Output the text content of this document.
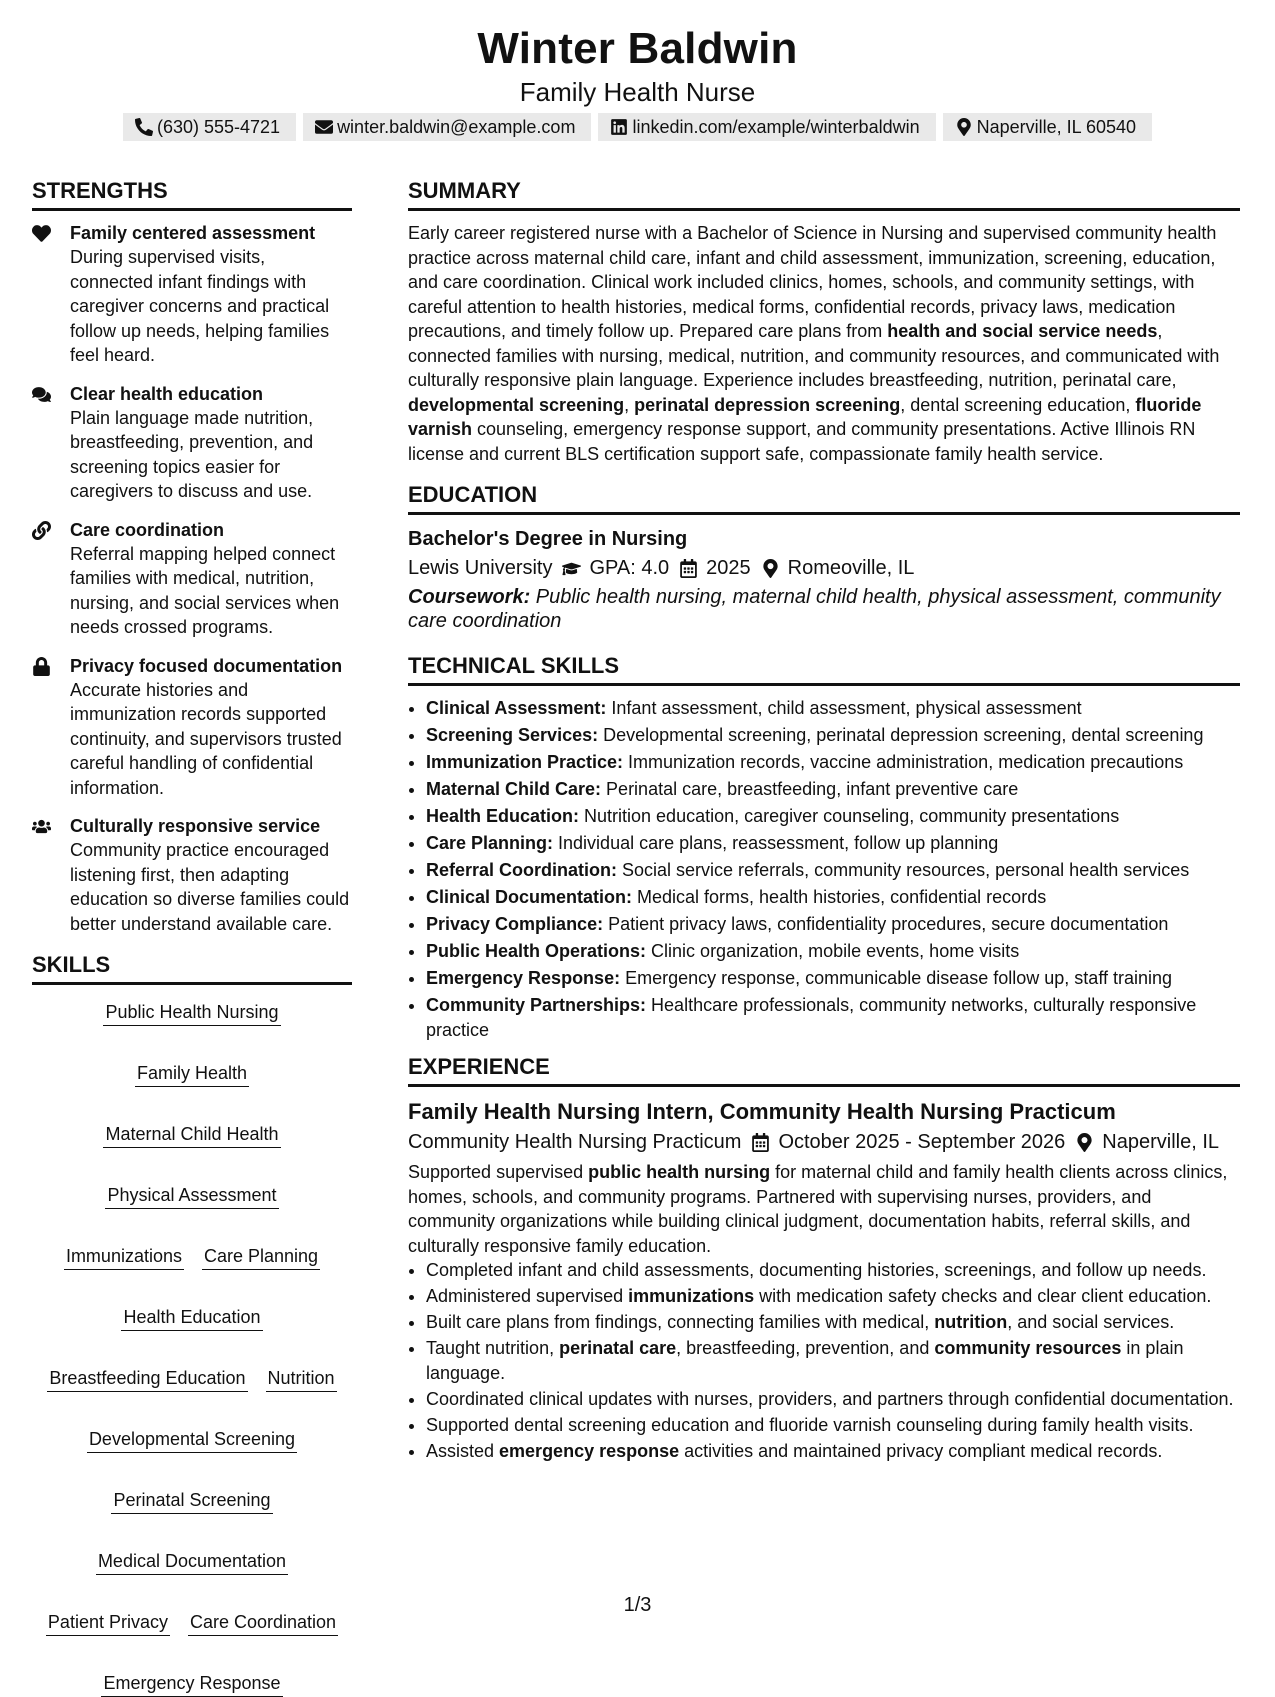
Winter Baldwin
Family Health Nurse
(630) 555-4721	winter.baldwin@example.com	linkedin.com/example/winterbaldwin	Naperville, IL 60540
STRENGTHS
Family centered assessment
During supervised visits, connected infant findings with caregiver concerns and practical follow up needs, helping families feel heard.
Clear health education
Plain language made nutrition, breastfeeding, prevention, and screening topics easier for caregivers to discuss and use.
Care coordination
Referral mapping helped connect families with medical, nutrition, nursing, and social services when needs crossed programs.
Privacy focused documentation
Accurate histories and immunization records supported continuity, and supervisors trusted careful handling of confidential information.
Culturally responsive service
Community practice encouraged listening first, then adapting education so diverse families could better understand available care.
SKILLS
Public Health Nursing
Family Health
Maternal Child Health
Physical Assessment
Immunizations Care Planning
Health Education
Breastfeeding Education Nutrition
Developmental Screening
Perinatal Screening
Medical Documentation
Patient Privacy Care Coordination
Emergency Response
SUMMARY
Early career registered nurse with a Bachelor of Science in Nursing and supervised community health practice across maternal child care, infant and child assessment, immunization, screening, education, and care coordination. Clinical work included clinics, homes, schools, and community settings, with careful attention to health histories, medical forms, confidential records, privacy laws, medication precautions, and timely follow up. Prepared care plans from health and social service needs, connected families with nursing, medical, nutrition, and community resources, and communicated with culturally responsive plain language. Experience includes breastfeeding, nutrition, perinatal care, developmental screening, perinatal depression screening, dental screening education, fluoride varnish counseling, emergency response support, and community presentations. Active Illinois RN license and current BLS certification support safe, compassionate family health service.
EDUCATION
Bachelor's Degree in Nursing
Lewis University GPA: 4.0 2025 Romeoville, IL
Coursework: Public health nursing, maternal child health, physical assessment, community care coordination
TECHNICAL SKILLS
• Clinical Assessment: Infant assessment, child assessment, physical assessment
• Screening Services: Developmental screening, perinatal depression screening, dental screening
• Immunization Practice: Immunization records, vaccine administration, medication precautions
• Maternal Child Care: Perinatal care, breastfeeding, infant preventive care
• Health Education: Nutrition education, caregiver counseling, community presentations
• Care Planning: Individual care plans, reassessment, follow up planning
• Referral Coordination: Social service referrals, community resources, personal health services
• Clinical Documentation: Medical forms, health histories, confidential records
• Privacy Compliance: Patient privacy laws, confidentiality procedures, secure documentation
• Public Health Operations: Clinic organization, mobile events, home visits
• Emergency Response: Emergency response, communicable disease follow up, staff training
• Community Partnerships: Healthcare professionals, community networks, culturally responsive practice
EXPERIENCE
Family Health Nursing Intern, Community Health Nursing Practicum
Community Health Nursing Practicum October 2025 - September 2026 Naperville, IL
Supported supervised public health nursing for maternal child and family health clients across clinics, homes, schools, and community programs. Partnered with supervising nurses, providers, and community organizations while building clinical judgment, documentation habits, referral skills, and culturally responsive family education.
• Completed infant and child assessments, documenting histories, screenings, and follow up needs.
• Administered supervised immunizations with medication safety checks and clear client education.
• Built care plans from findings, connecting families with medical, nutrition, and social services.
• Taught nutrition, perinatal care, breastfeeding, prevention, and community resources in plain language.
• Coordinated clinical updates with nurses, providers, and partners through confidential documentation.
• Supported dental screening education and fluoride varnish counseling during family health visits.
• Assisted emergency response activities and maintained privacy compliant medical records.
1/3
